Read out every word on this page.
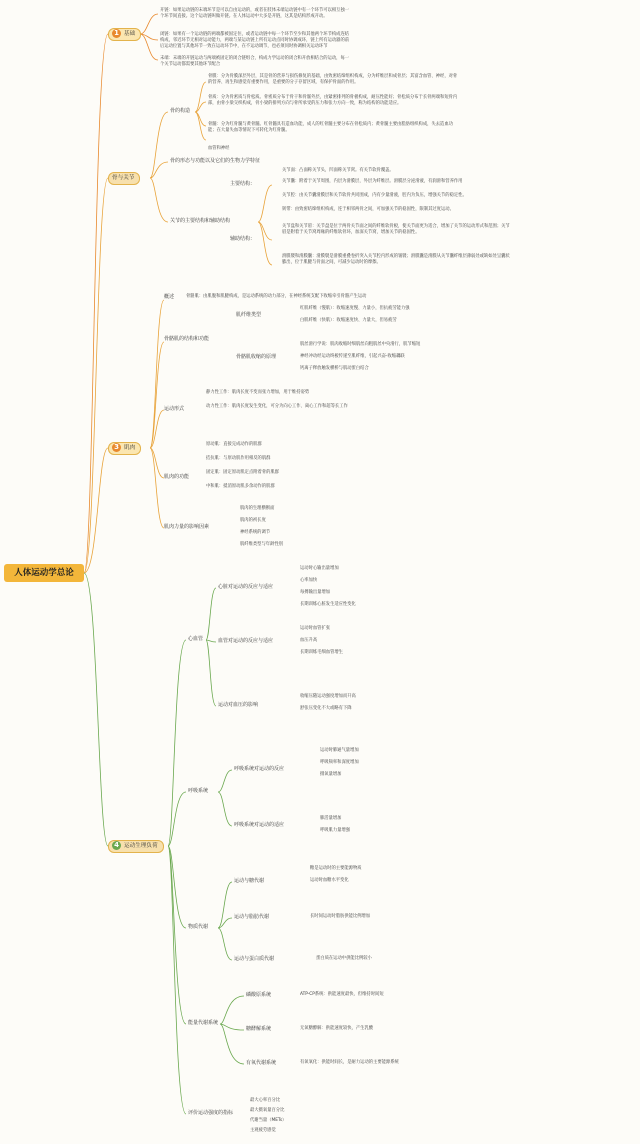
人体运动学总论
1 基础
开链：如果运动链的末端环节是可以自由运动的，或者在肢体末端运动链中有一个环节可以相互独一个环节间直接。这个运动链叫做开链。在人体运动中大多是开链，这其是结构形成开动。
闭链：如果有一个运动链的两端都被固定住，或者运动链中每一个环节至少和其他两个环节构成连结构成，邻近环节无相对运动能力，两端与某运动链上所有运动点同时协调成环，链上所有运动器的前后运动位置与其他环节一致在运动环节中，在不运动调节，也必须同时协调相关运动环节
末端：末端的开链运动与两端被固定的闭合链组合，构成力学运动的闭合和开放相结合的运动，每一个关节运动都需要其他环节配合
骨与关节
骨的构造
骨膜：分为骨膜深层外层，其是骨的营养与损伤修复的基础，由致密结缔组织构成，分为纤维层和成骨层；其富含血管、神经，对骨的营养、再生和感觉有重要作用，是重要的分子存留区域，有保护骨面的作用。
骨质：分为骨密质与骨松质。骨密质分布于骨干和骨骺外层，由紧密排列的骨板构成，耐压性能好；骨松质分布于长骨两端和短骨内部，由骨小梁交织构成，骨小梁的排列方向与骨所承受的压力和张力方向一致，称为结构的功能适应。
骨髓：分为红骨髓与黄骨髓。红骨髓具有造血功能，成人的红骨髓主要分布在骨松质内；黄骨髓主要由脂肪组织构成，失去造血功能；在大量失血等情况下可转化为红骨髓。
血管和神经
骨的形态与功能以及它们的生物力学特征
关节的主要结构和辅助结构
主要结构：
关节面：凸面称关节头，凹面称关节窝。有关节软骨覆盖。
关节囊：附着于关节周围，内层为滑膜层，外层为纤维层。滑膜层分泌滑液，有润滑和营养作用
关节腔：由关节囊滑膜层和关节软骨共同围成，内有少量滑液，腔内为负压，增强关节的稳定性。
辅助结构：
韧带：由致密结缔组织构成，连于相邻两骨之间，可加强关节的稳固性，限制其过度运动。
关节盘和关节唇：关节盘是位于两骨关节面之间的纤维软骨板，使关节面更为适合，增加了关节的运动形式和范围；关节唇是附着于关节窝周缘的纤维软骨环，加深关节窝，增加关节的稳固性。
滑膜襞和滑膜囊：滑膜襞是滑膜重叠卷折突入关节腔内形成的皱襞；滑膜囊是滑膜从关节囊纤维层薄弱处或缺如处呈囊状膨出，位于肌腱与骨面之间，可减少运动时的摩擦。
3 肌肉
概述	骨骼肌：由肌腹和肌腱构成，是运动系统的动力部分，在神经系统支配下收缩牵引骨骼产生运动
骨骼肌的结构和功能
肌纤维类型
红肌纤维（慢肌）：收缩速度慢、力量小，但抗疲劳能力强
白肌纤维（快肌）：收缩速度快、力量大，但易疲劳
骨骼肌收缩的原理
肌丝滑行学说：肌肉收缩时细肌丝向粗肌丝中央滑行，肌节缩短
神经冲动经运动终板传递至肌纤维，引起兴奋-收缩耦联
钙离子释放触发横桥与肌动蛋白结合
运动形式
静力性工作：肌肉长度不变而张力增加，用于维持姿势
动力性工作：肌肉长度发生变化，可分为向心工作、离心工作和超等长工作
肌肉的功能
原动肌：直接完成动作的肌群
拮抗肌：与原动肌作用相反的肌群
固定肌：固定原动肌定点附着骨的肌群
中和肌：抵消原动肌多余动作的肌群
肌肉力量的影响因素
肌肉的生理横断面
肌肉的初长度
神经系统的调节
肌纤维类型与年龄性别
4 运动生理负荷
心血管
心脏对运动的反应与适应
运动时心输出量增加
心率加快
每搏输出量增加
长期训练心脏发生适应性变化
血管对运动的反应与适应
运动时血管扩张
血压升高
长期训练毛细血管增生
运动对血压的影响
收缩压随运动强度增加而升高
舒张压变化不大或略有下降
呼吸系统
呼吸系统对运动的反应
运动时肺通气量增加
呼吸频率和深度增加
摄氧量增加
呼吸系统对运动的适应
肺活量增加
呼吸肌力量增强
物质代谢
运动与糖代谢
糖是运动时的主要能源物质
运动时血糖水平变化
运动与脂肪代谢	长时间运动时脂肪供能比例增加
运动与蛋白质代谢	蛋白质在运动中供能比例较小
能量代谢系统
磷酸原系统	ATP-CP系统：供能速度最快，但维持时间短
糖酵解系统	无氧糖酵解：供能速度较快，产生乳酸
有氧代谢系统	有氧氧化：供能时间长，是耐力运动的主要能源系统
评价运动强度的指标
最大心率百分比
最大摄氧量百分比
代谢当量（METs）
主观疲劳感觉
